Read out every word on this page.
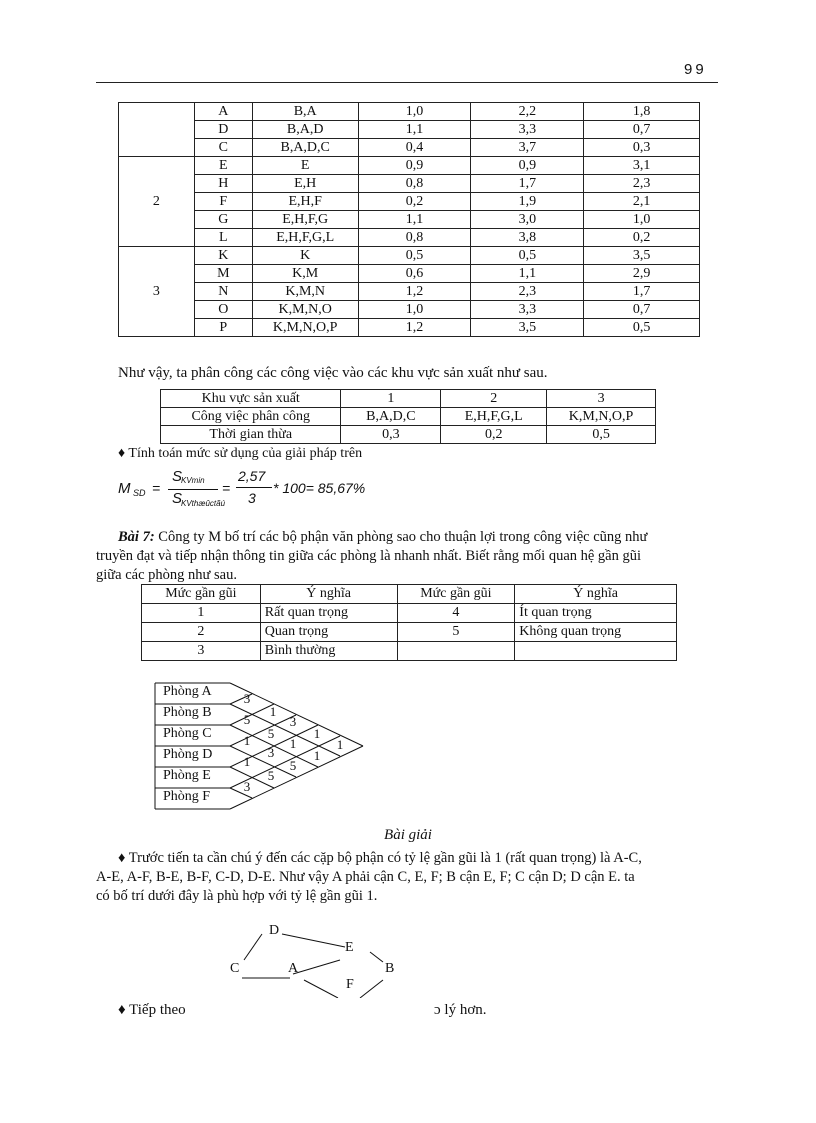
99
	A	B,A	1,0	2,2	1,8
	D	B,A,D	1,1	3,3	0,7
	C	B,A,D,C	0,4	3,7	0,3
2	E	E	0,9	0,9	3,1
	H	E,H	0,8	1,7	2,3
	F	E,H,F	0,2	1,9	2,1
	G	E,H,F,G	1,1	3,0	1,0
	L	E,H,F,G,L	0,8	3,8	0,2
3	K	K	0,5	0,5	3,5
	M	K,M	0,6	1,1	2,9
	N	K,M,N	1,2	2,3	1,7
	O	K,M,N,O	1,0	3,3	0,7
	P	K,M,N,O,P	1,2	3,5	0,5
Như vậy, ta phân công các công việc vào các khu vực sản xuất như sau.
Khu vực sản xuất	1	2	3
Công việc phân công	B,A,D,C	E,H,F,G,L	K,M,N,O,P
Thời gian thừa	0,3	0,2	0,5
♦ Tính toán mức sử dụng của giải pháp trên
M SD =
S
KVmin
S
KVthæûctãú
=
2,57
3
* 100= 85,67%
Bài 7: Công ty M bố trí các bộ phận văn phòng sao cho thuận lợi trong công việc cũng như
truyền đạt và tiếp nhận thông tin giữa các phòng là nhanh nhất. Biết rằng mối quan hệ gần gũi
giữa các phòng như sau.
Mức gần gũi	Ý nghĩa	Mức gần gũi	Ý nghĩa
1	Rất quan trọng	4	Ít quan trọng
2	Quan trọng	5	Không quan trọng
3	Bình thường		
Phòng A
Phòng B
Phòng C
Phòng D
Phòng E
Phòng F
3
5
1
1
3
1
5
3
5
3
1
5
1
1
1
Bài giải
♦ Trước tiến ta cần chú ý đến các cặp bộ phận có tỷ lệ gần gũi là 1 (rất quan trọng) là A-C,
A-E, A-F, B-E, B-F, C-D, D-E. Như vậy A phải cận C, E, F; B cận E, F; C cận D; D cận E. ta
có bố trí dưới đây là phù hợp với tỷ lệ gần gũi 1.
D
E
C	A	B
F
♦ Tiếp theo	ɔ lý hơn.
